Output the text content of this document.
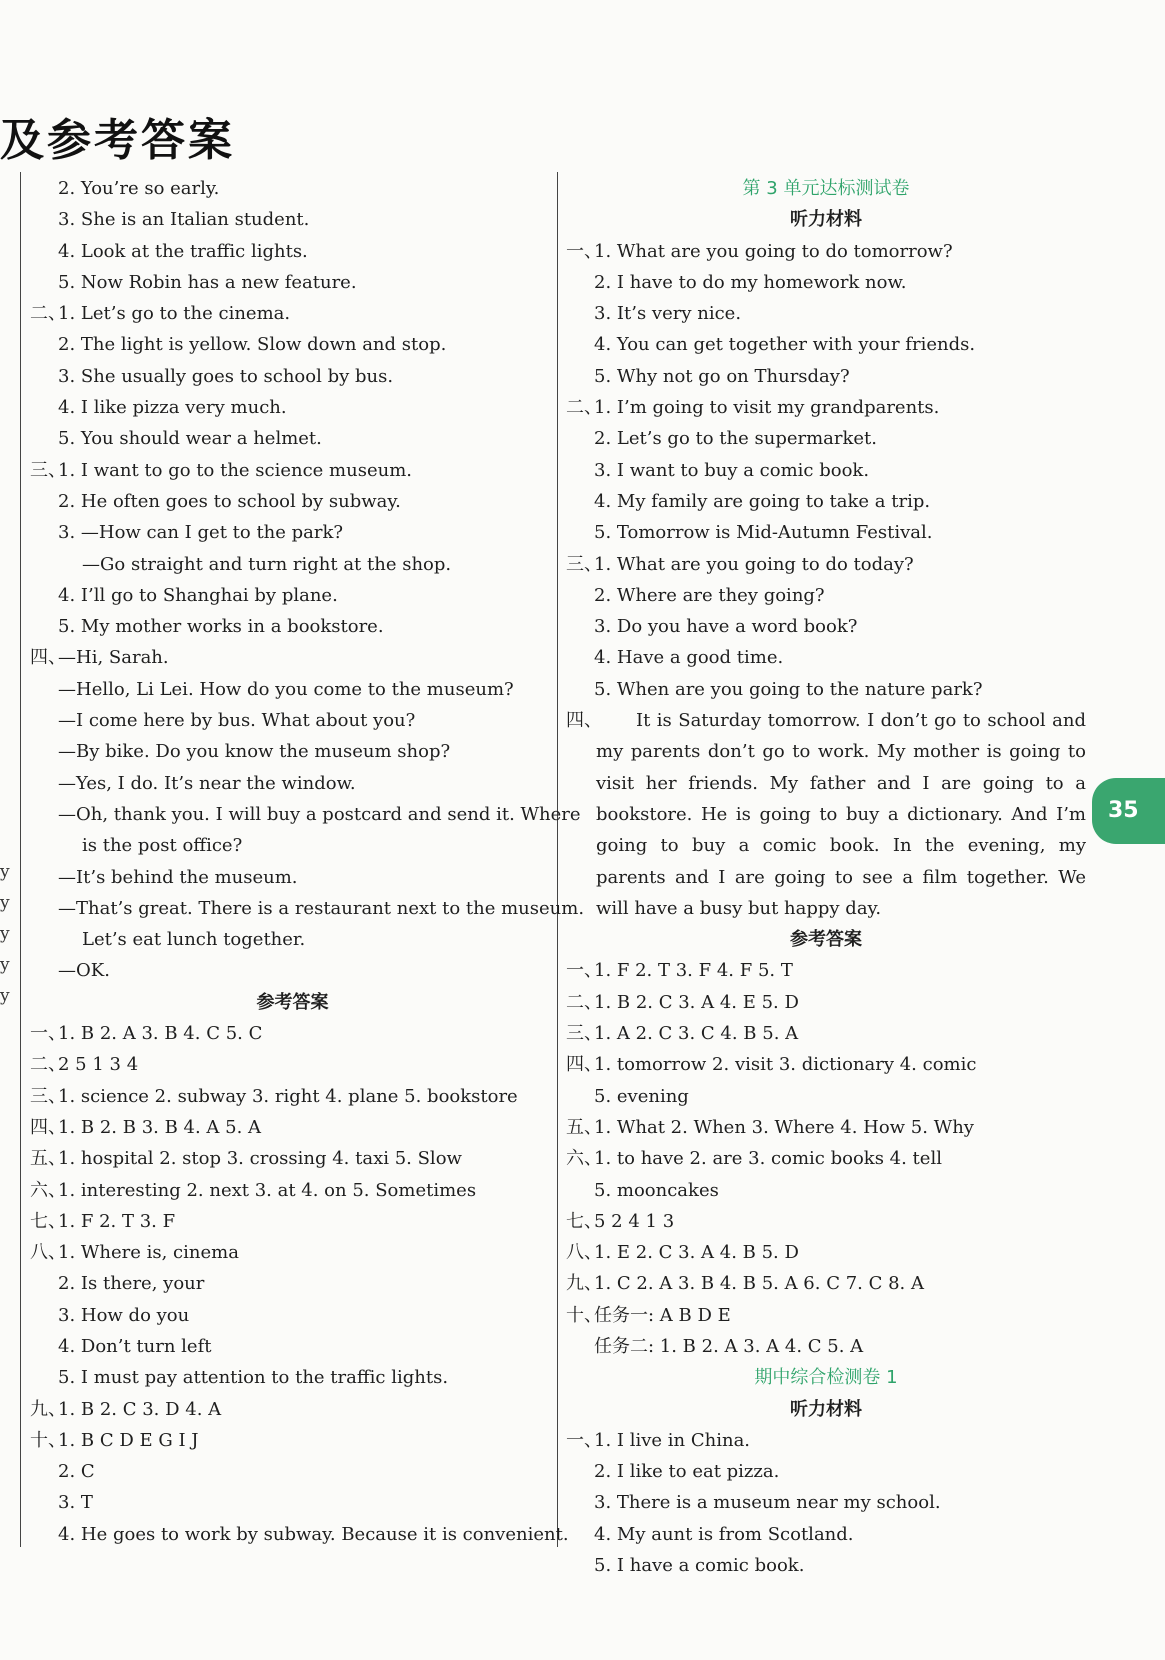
及参考答案
y
y
y
y
y
2. You’re so early.
3. She is an Italian student.
4. Look at the traffic lights.
5. Now Robin has a new feature.
二、1. Let’s go to the cinema.
2. The light is yellow. Slow down and stop.
3. She usually goes to school by bus.
4. I like pizza very much.
5. You should wear a helmet.
三、1. I want to go to the science museum.
2. He often goes to school by subway.
3. —How can I get to the park?
—Go straight and turn right at the shop.
4. I’ll go to Shanghai by plane.
5. My mother works in a bookstore.
四、—Hi, Sarah.
—Hello, Li Lei. How do you come to the museum?
—I come here by bus. What about you?
—By bike. Do you know the museum shop?
—Yes, I do. It’s near the window.
—Oh, thank you. I will buy a postcard and send it. Where
is the post office?
—It’s behind the museum.
—That’s great. There is a restaurant next to the museum.
Let’s eat lunch together.
—OK.
参考答案
一、1. B 2. A 3. B 4. C 5. C
二、2 5 1 3 4
三、1. science 2. subway 3. right 4. plane 5. bookstore
四、1. B 2. B 3. B 4. A 5. A
五、1. hospital 2. stop 3. crossing 4. taxi 5. Slow
六、1. interesting 2. next 3. at 4. on 5. Sometimes
七、1. F 2. T 3. F
八、1. Where is, cinema
2. Is there, your
3. How do you
4. Don’t turn left
5. I must pay attention to the traffic lights.
九、1. B 2. C 3. D 4. A
十、1. B C D E G I J
2. C
3. T
4. He goes to work by subway. Because it is convenient.
第 3 单元达标测试卷
听力材料
一、1. What are you going to do tomorrow?
2. I have to do my homework now.
3. It’s very nice.
4. You can get together with your friends.
5. Why not go on Thursday?
二、1. I’m going to visit my grandparents.
2. Let’s go to the supermarket.
3. I want to buy a comic book.
4. My family are going to take a trip.
5. Tomorrow is Mid-Autumn Festival.
三、1. What are you going to do today?
2. Where are they going?
3. Do you have a word book?
4. Have a good time.
5. When are you going to the nature park?
四、 It is Saturday tomorrow. I don’t go to school and my parents don’t go to work. My mother is going to visit her friends. My father and I are going to a bookstore. He is going to buy a dictionary. And I’m going to buy a comic book. In the evening, my parents and I are going to see a film together. We will have a busy but happy day.
参考答案
一、1. F 2. T 3. F 4. F 5. T
二、1. B 2. C 3. A 4. E 5. D
三、1. A 2. C 3. C 4. B 5. A
四、1. tomorrow 2. visit 3. dictionary 4. comic
5. evening
五、1. What 2. When 3. Where 4. How 5. Why
六、1. to have 2. are 3. comic books 4. tell
5. mooncakes
七、5 2 4 1 3
八、1. E 2. C 3. A 4. B 5. D
九、1. C 2. A 3. B 4. B 5. A 6. C 7. C 8. A
十、任务一: A B D E
任务二: 1. B 2. A 3. A 4. C 5. A
期中综合检测卷 1
听力材料
一、1. I live in China.
2. I like to eat pizza.
3. There is a museum near my school.
4. My aunt is from Scotland.
5. I have a comic book.
35
